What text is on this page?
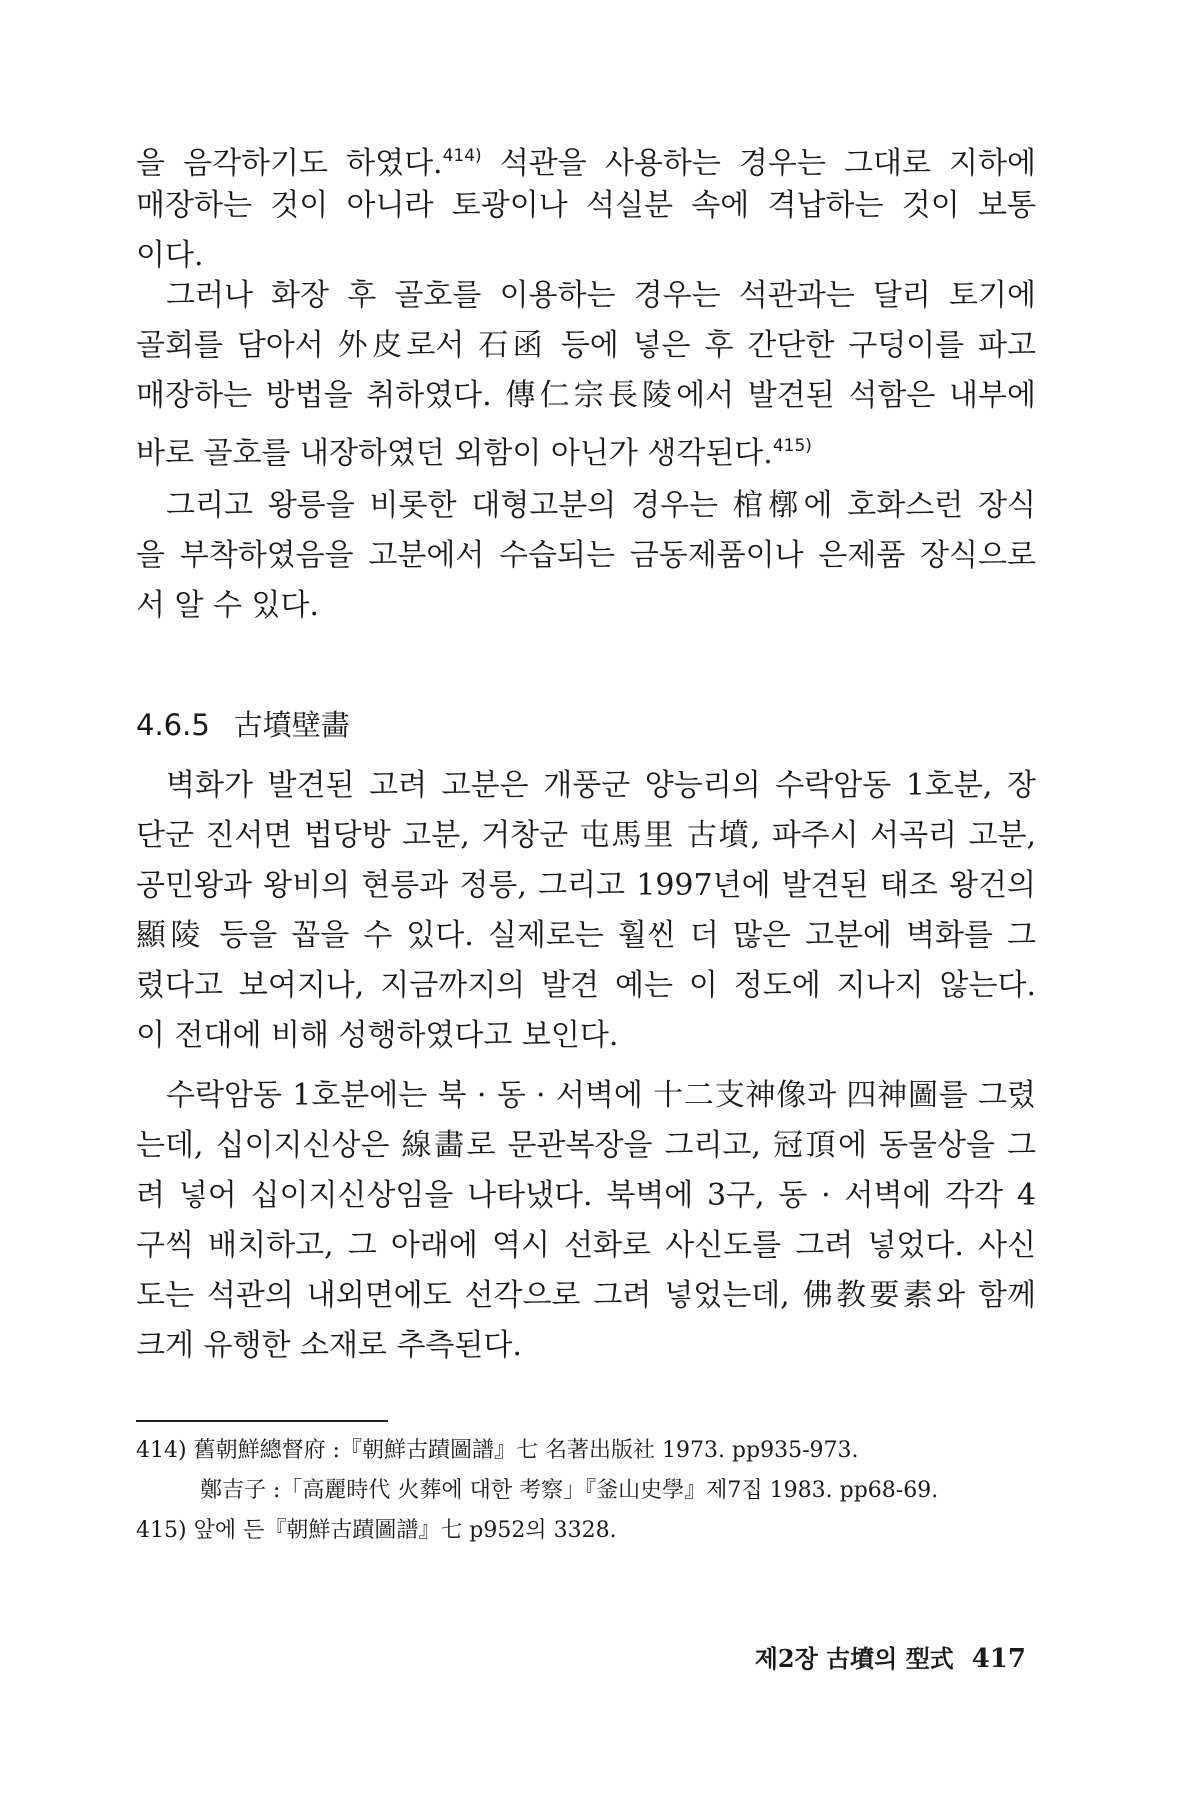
을 음각하기도 하였다.$^{414)}$ 석관을 사용하는 경우는 그대로 지하에
매장하는 것이 아니라 토광이나 석실분 속에 격납하는 것이 보통
이다.
그러나 화장 후 골호를 이용하는 경우는 석관과는 달리 토기에
골회를 담아서 外皮로서 石函 등에 넣은 후 간단한 구덩이를 파고
매장하는 방법을 취하였다. 傳仁宗長陵에서 발견된 석함은 내부에
바로 골호를 내장하였던 외함이 아닌가 생각된다.$^{415)}$
그리고 왕릉을 비롯한 대형고분의 경우는 棺槨에 호화스런 장식
을 부착하였음을 고분에서 수습되는 금동제품이나 은제품 장식으로
서 알 수 있다.
4.6.5 古墳壁畵
벽화가 발견된 고려 고분은 개풍군 양능리의 수락암동 1호분, 장
단군 진서면 법당방 고분, 거창군 屯馬里 古墳, 파주시 서곡리 고분,
공민왕과 왕비의 현릉과 정릉, 그리고 1997년에 발견된 태조 왕건의
顯陵 등을 꼽을 수 있다. 실제로는 훨씬 더 많은 고분에 벽화를 그
렸다고 보여지나, 지금까지의 발견 예는 이 정도에 지나지 않는다.
이 전대에 비해 성행하였다고 보인다.
수락암동 1호분에는 북 · 동 · 서벽에 十二支神像과 四神圖를 그렸
는데, 십이지신상은 線畵로 문관복장을 그리고, 冠頂에 동물상을 그
려 넣어 십이지신상임을 나타냈다. 북벽에 3구, 동 · 서벽에 각각 4
구씩 배치하고, 그 아래에 역시 선화로 사신도를 그려 넣었다. 사신
도는 석관의 내외면에도 선각으로 그려 넣었는데, 佛教要素와 함께
크게 유행한 소재로 추측된다.
414) 舊朝鮮總督府 :『朝鮮古蹟圖譜』七 名著出版社 1973. pp935-973.
鄭吉子 :「高麗時代 火葬에 대한 考察」『釜山史學』제7집 1983. pp68-69.
415) 앞에 든『朝鮮古蹟圖譜』七 p952의 3328.
제2장 古墳의 型式 417
